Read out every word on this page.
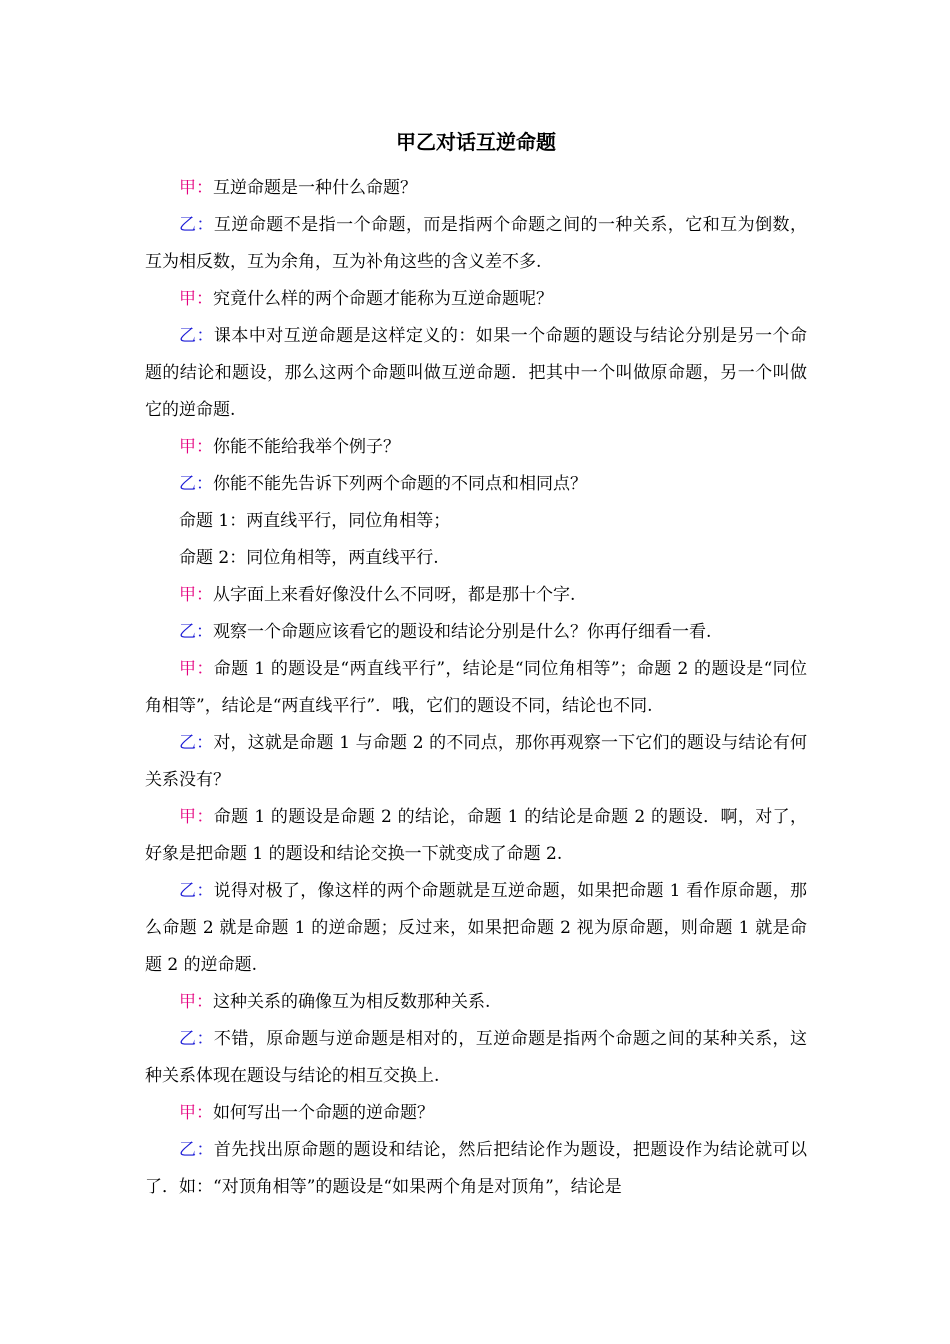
甲乙对话互逆命题

甲：互逆命题是一种什么命题？

乙：互逆命题不是指一个命题，而是指两个命题之间的一种关系，它和互为倒数，互为相反数，互为余角，互为补角这些的含义差不多.

甲：究竟什么样的两个命题才能称为互逆命题呢？

乙：课本中对互逆命题是这样定义的：如果一个命题的题设与结论分别是另一个命题的结论和题设，那么这两个命题叫做互逆命题．把其中一个叫做原命题，另一个叫做它的逆命题.

甲：你能不能给我举个例子？

乙：你能不能先告诉下列两个命题的不同点和相同点？

命题 1：两直线平行，同位角相等；

命题 2：同位角相等，两直线平行.

甲：从字面上来看好像没什么不同呀，都是那十个字.

乙：观察一个命题应该看它的题设和结论分别是什么？你再仔细看一看.

甲：命题 1 的题设是“两直线平行”，结论是“同位角相等”；命题 2 的题设是“同位角相等”，结论是“两直线平行”．哦，它们的题设不同，结论也不同.

乙：对，这就是命题 1 与命题 2 的不同点，那你再观察一下它们的题设与结论有何关系没有？

甲：命题 1 的题设是命题 2 的结论，命题 1 的结论是命题 2 的题设．啊，对了，好象是把命题 1 的题设和结论交换一下就变成了命题 2.

乙：说得对极了，像这样的两个命题就是互逆命题，如果把命题 1 看作原命题，那么命题 2 就是命题 1 的逆命题；反过来，如果把命题 2 视为原命题，则命题 1 就是命题 2 的逆命题.

甲：这种关系的确像互为相反数那种关系.

乙：不错，原命题与逆命题是相对的，互逆命题是指两个命题之间的某种关系，这种关系体现在题设与结论的相互交换上.

甲：如何写出一个命题的逆命题？

乙：首先找出原命题的题设和结论，然后把结论作为题设，把题设作为结论就可以了．如：“对顶角相等”的题设是“如果两个角是对顶角”，结论是
